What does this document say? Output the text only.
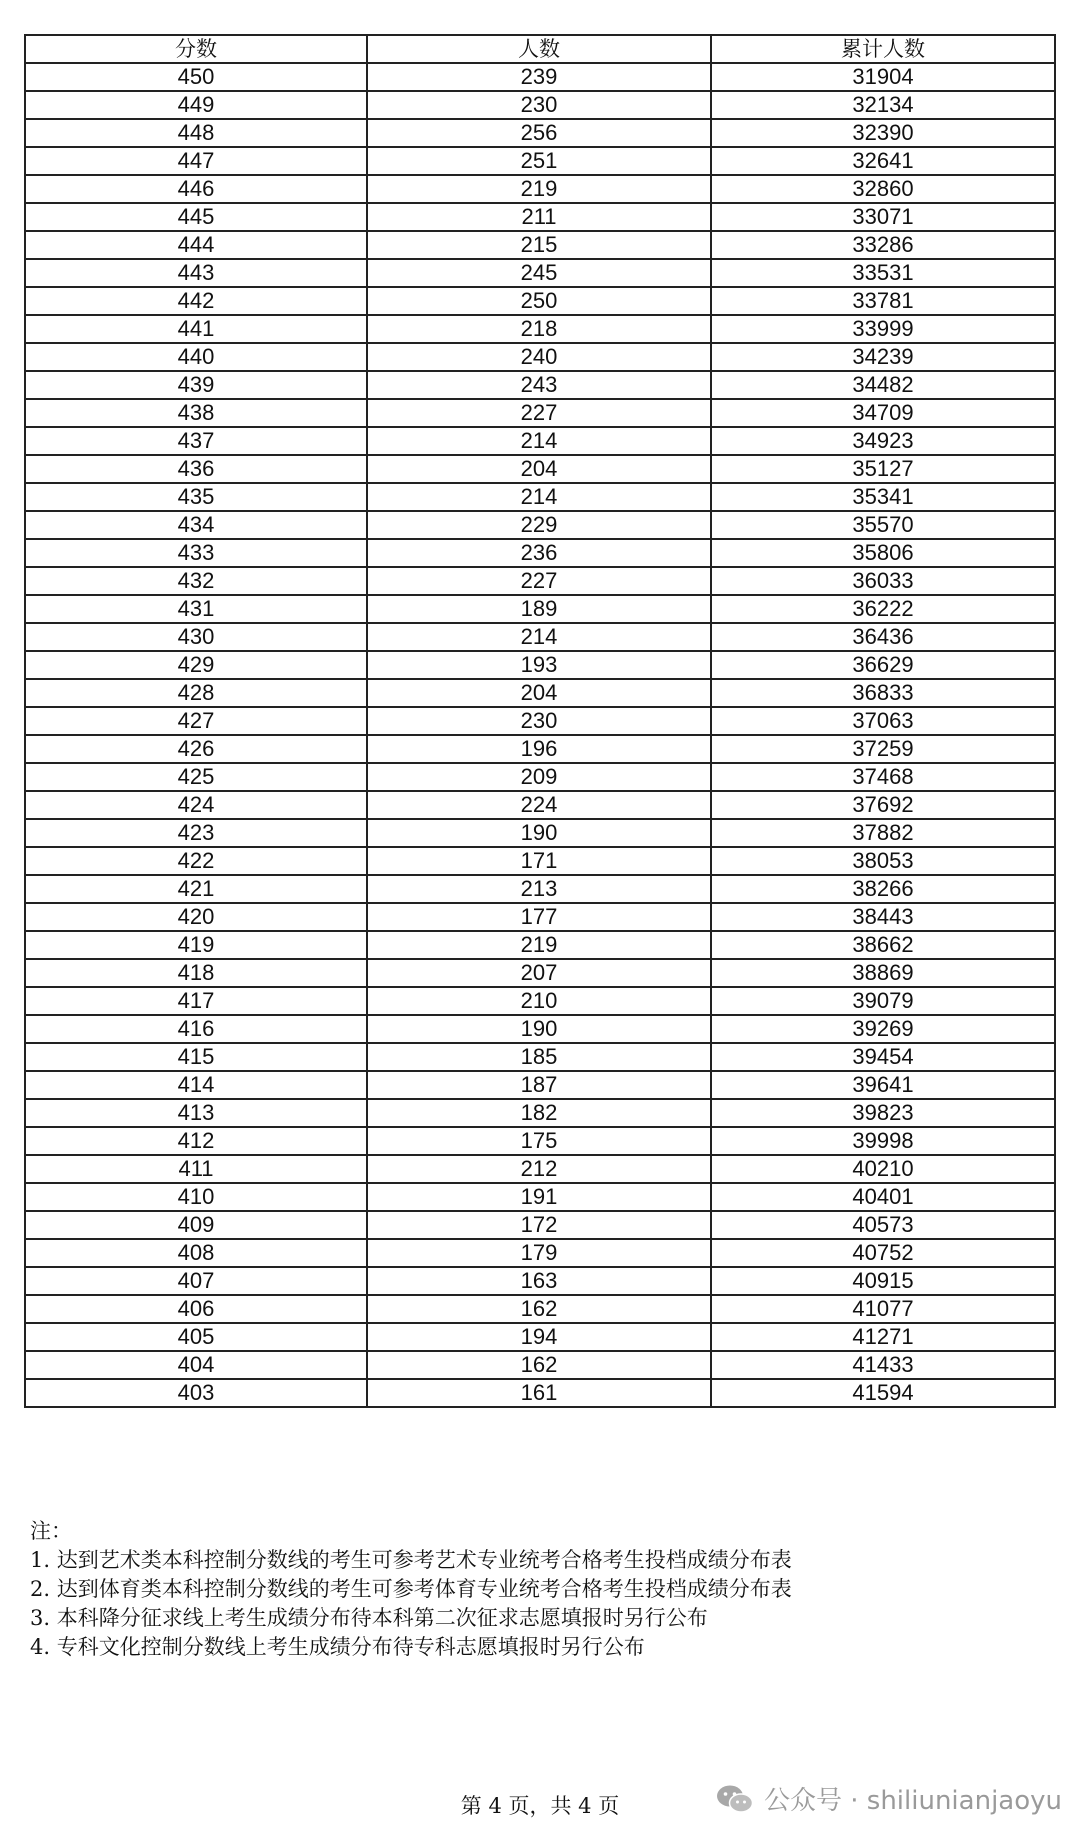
分数	人数	累计人数
450	239	31904
449	230	32134
448	256	32390
447	251	32641
446	219	32860
445	211	33071
444	215	33286
443	245	33531
442	250	33781
441	218	33999
440	240	34239
439	243	34482
438	227	34709
437	214	34923
436	204	35127
435	214	35341
434	229	35570
433	236	35806
432	227	36033
431	189	36222
430	214	36436
429	193	36629
428	204	36833
427	230	37063
426	196	37259
425	209	37468
424	224	37692
423	190	37882
422	171	38053
421	213	38266
420	177	38443
419	219	38662
418	207	38869
417	210	39079
416	190	39269
415	185	39454
414	187	39641
413	182	39823
412	175	39998
411	212	40210
410	191	40401
409	172	40573
408	179	40752
407	163	40915
406	162	41077
405	194	41271
404	162	41433
403	161	41594
注：
1. 达到艺术类本科控制分数线的考生可参考艺术专业统考合格考生投档成绩分布表
2. 达到体育类本科控制分数线的考生可参考体育专业统考合格考生投档成绩分布表
3. 本科降分征求线上考生成绩分布待本科第二次征求志愿填报时另行公布
4. 专科文化控制分数线上考生成绩分布待专科志愿填报时另行公布
第 4 页，共 4 页	公众号 · shiliunianjaoyu
